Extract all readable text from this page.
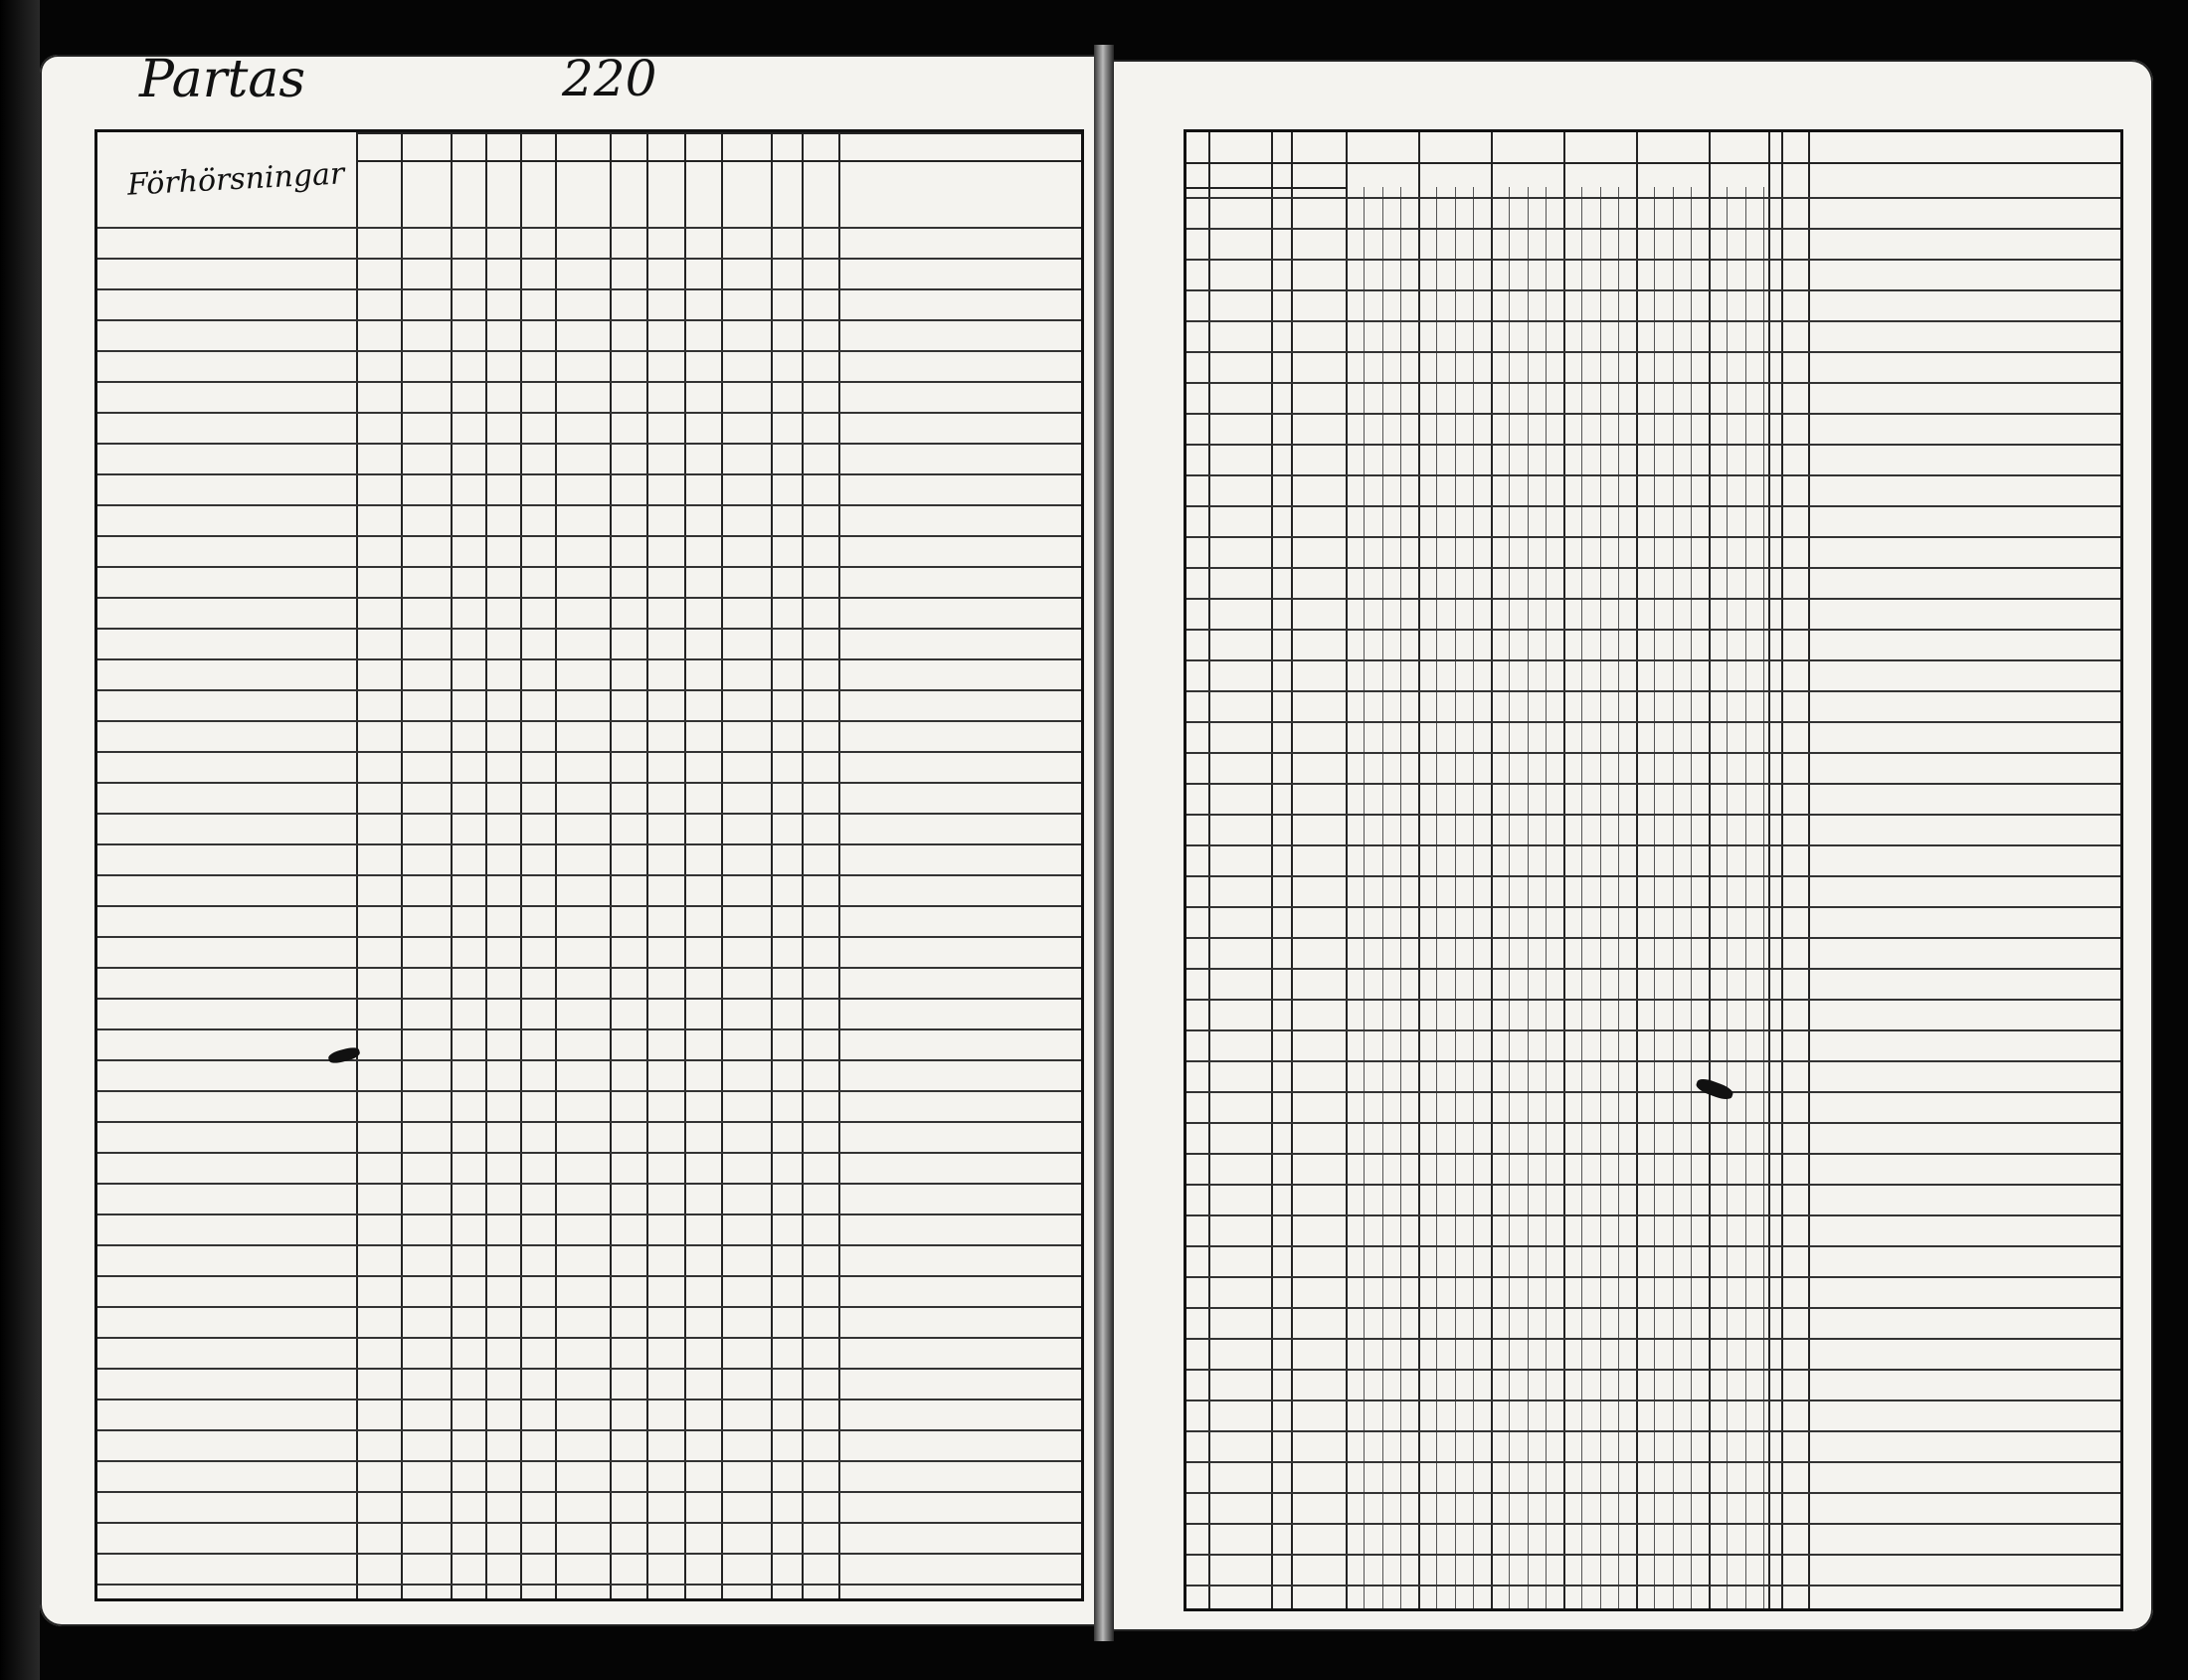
Partas	220
Förhörsningar
